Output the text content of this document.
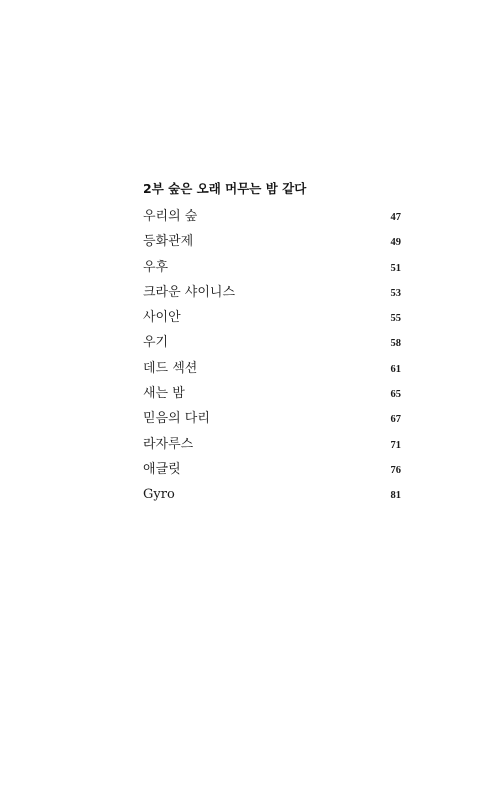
2부 숲은 오래 머무는 밤 같다
우리의 숲	47
등화관제	49
우후	51
크라운 샤이니스	53
사이안	55
우기	58
데드 섹션	61
새는 밤	65
믿음의 다리	67
라자루스	71
애글릿	76
Gyro	81
